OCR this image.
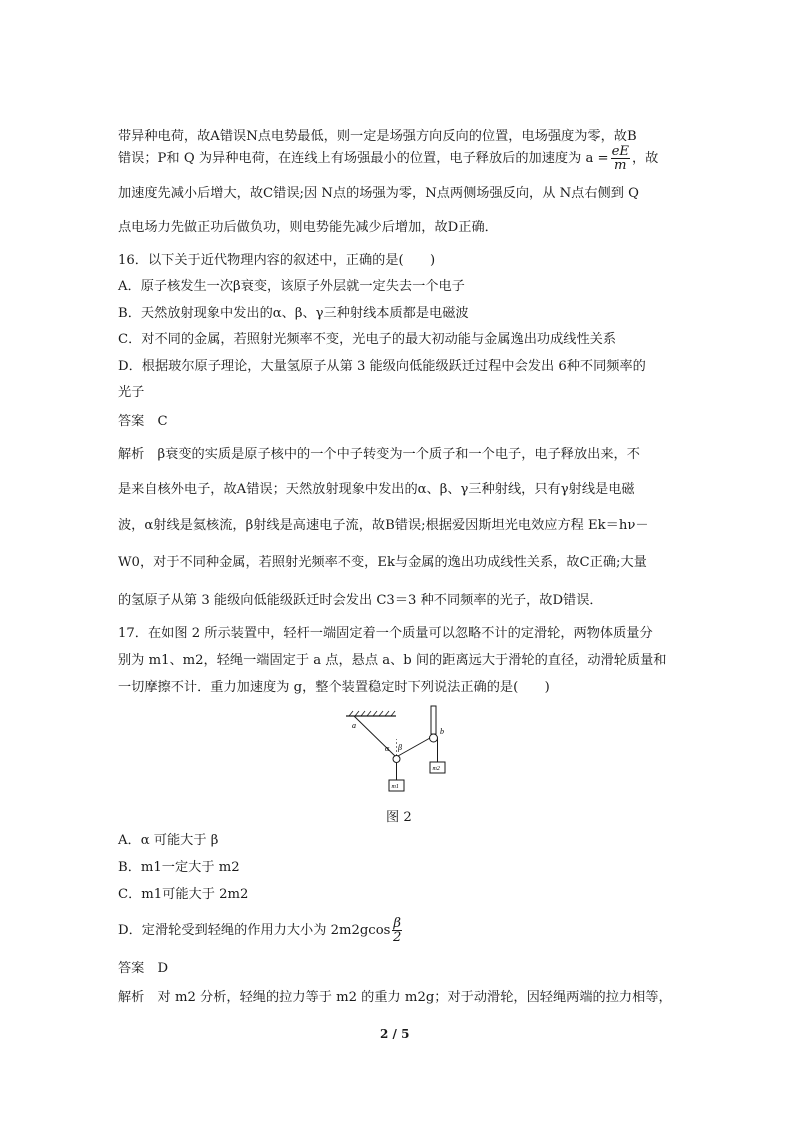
带异种电荷，故A错误N点电势最低，则一定是场强方向反向的位置，电场强度为零，故B
错误；P和 Q 为异种电荷，在连线上有场强最小的位置，电子释放后的加速度为 $a = \frac{eE}{m}$ ，故
加速度先减小后增大，故C错误;因 N点的场强为零，N点两侧场强反向，从 N点右侧到 Q
点电场力先做正功后做负功，则电势能先减少后增加，故D正确．
16．以下关于近代物理内容的叙述中，正确的是(　　)
A．原子核发生一次β衰变，该原子外层就一定失去一个电子
B．天然放射现象中发出的α、β、γ三种射线本质都是电磁波
C．对不同的金属，若照射光频率不变，光电子的最大初动能与金属逸出功成线性关系
D．根据玻尔原子理论，大量氢原子从第 3 能级向低能级跃迁过程中会发出 6种不同频率的
光子
答案　C
解析　β衰变的实质是原子核中的一个中子转变为一个质子和一个电子，电子释放出来，不
是来自核外电子，故A错误；天然放射现象中发出的α、β、γ三种射线，只有γ射线是电磁
波，α射线是氦核流，β射线是高速电子流，故B错误;根据爱因斯坦光电效应方程 Ek＝hν－
W0，对于不同种金属，若照射光频率不变，Ek与金属的逸出功成线性关系，故C正确;大量
的氢原子从第 3 能级向低能级跃迁时会发出 C3＝3 种不同频率的光子，故D错误．
17．在如图 2 所示装置中，轻杆一端固定着一个质量可以忽略不计的定滑轮，两物体质量分
别为 m1、m2，轻绳一端固定于 a 点，悬点 a、b 间的距离远大于滑轮的直径，动滑轮质量和
一切摩擦不计．重力加速度为 g，整个装置稳定时下列说法正确的是(　　)
a
b
α β
m1
m2
图 2
A．α 可能大于 β
B．m1一定大于 m2
C．m1可能大于 2m2
D．定滑轮受到轻绳的作用力大小为 $2m2gcos \frac{\beta}{2}$
答案　D
解析　对 m2 分析，轻绳的拉力等于 m2 的重力 m2g；对于动滑轮，因轻绳两端的拉力相等，
2 / 5
